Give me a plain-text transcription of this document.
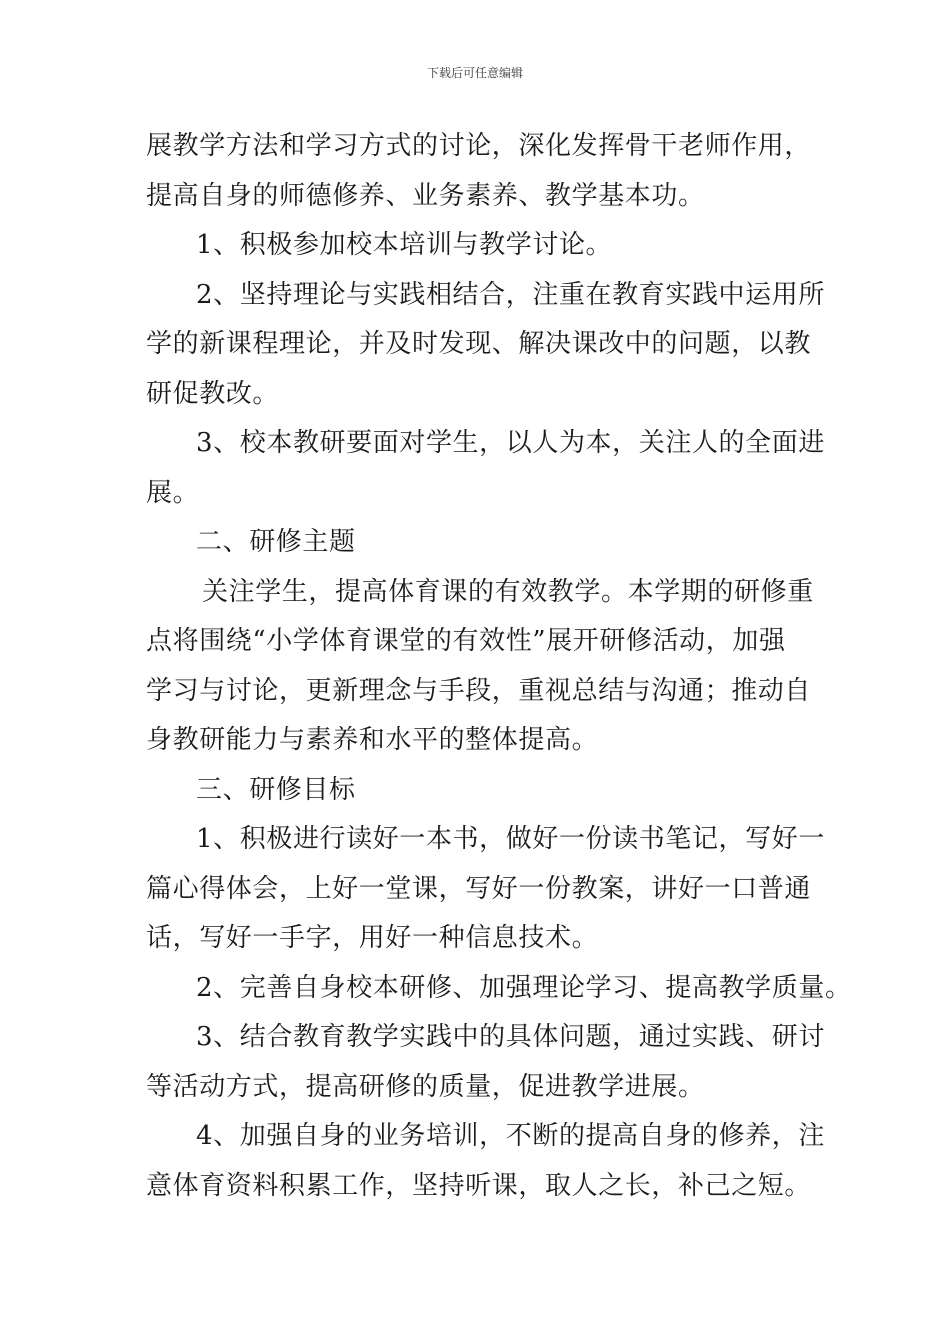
下载后可任意编辑
展教学方法和学习方式的讨论，深化发挥骨干老师作用，
提高自身的师德修养、业务素养、教学基本功。
1、积极参加校本培训与教学讨论。
2、坚持理论与实践相结合，注重在教育实践中运用所
学的新课程理论，并及时发现、解决课改中的问题，以教
研促教改。
3、校本教研要面对学生，以人为本，关注人的全面进
展。
二、研修主题
关注学生，提高体育课的有效教学。本学期的研修重
点将围绕“小学体育课堂的有效性”展开研修活动，加强
学习与讨论，更新理念与手段，重视总结与沟通；推动自
身教研能力与素养和水平的整体提高。
三、研修目标
1、积极进行读好一本书，做好一份读书笔记，写好一
篇心得体会，上好一堂课，写好一份教案，讲好一口普通
话，写好一手字，用好一种信息技术。
2、完善自身校本研修、加强理论学习、提高教学质量。
3、结合教育教学实践中的具体问题，通过实践、研讨
等活动方式，提高研修的质量，促进教学进展。
4、加强自身的业务培训，不断的提高自身的修养，注
意体育资料积累工作，坚持听课，取人之长，补己之短。
